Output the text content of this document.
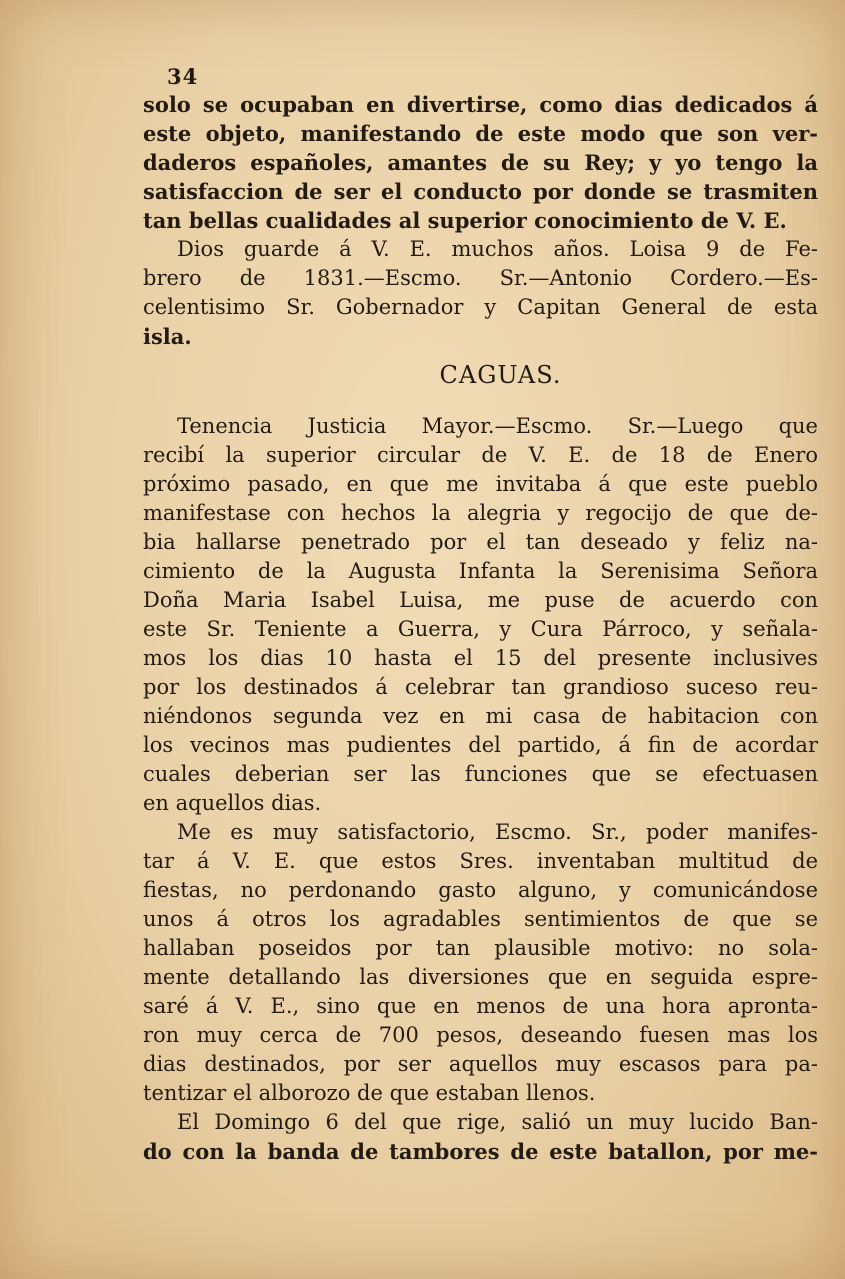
34
solo se ocupaban en divertirse, como dias dedicados á
este objeto, manifestando de este modo que son ver-
daderos españoles, amantes de su Rey; y yo tengo la
satisfaccion de ser el conducto por donde se trasmiten
tan bellas cualidades al superior conocimiento de V. E.
Dios guarde á V. E. muchos años. Loisa 9 de Fe-
brero de 1831.—Escmo. Sr.—Antonio Cordero.—Es-
celentisimo Sr. Gobernador y Capitan General de esta
isla.
CAGUAS.
Tenencia Justicia Mayor.—Escmo. Sr.—Luego que
recibí la superior circular de V. E. de 18 de Enero
próximo pasado, en que me invitaba á que este pueblo
manifestase con hechos la alegria y regocijo de que de-
bia hallarse penetrado por el tan deseado y feliz na-
cimiento de la Augusta Infanta la Serenisima Señora
Doña Maria Isabel Luisa, me puse de acuerdo con
este Sr. Teniente a Guerra, y Cura Párroco, y señala-
mos los dias 10 hasta el 15 del presente inclusives
por los destinados á celebrar tan grandioso suceso reu-
niéndonos segunda vez en mi casa de habitacion con
los vecinos mas pudientes del partido, á fin de acordar
cuales deberian ser las funciones que se efectuasen
en aquellos dias.
Me es muy satisfactorio, Escmo. Sr., poder manifes-
tar á V. E. que estos Sres. inventaban multitud de
fiestas, no perdonando gasto alguno, y comunicándose
unos á otros los agradables sentimientos de que se
hallaban poseidos por tan plausible motivo: no sola-
mente detallando las diversiones que en seguida espre-
saré á V. E., sino que en menos de una hora apronta-
ron muy cerca de 700 pesos, deseando fuesen mas los
dias destinados, por ser aquellos muy escasos para pa-
tentizar el alborozo de que estaban llenos.
El Domingo 6 del que rige, salió un muy lucido Ban-
do con la banda de tambores de este batallon, por me-
